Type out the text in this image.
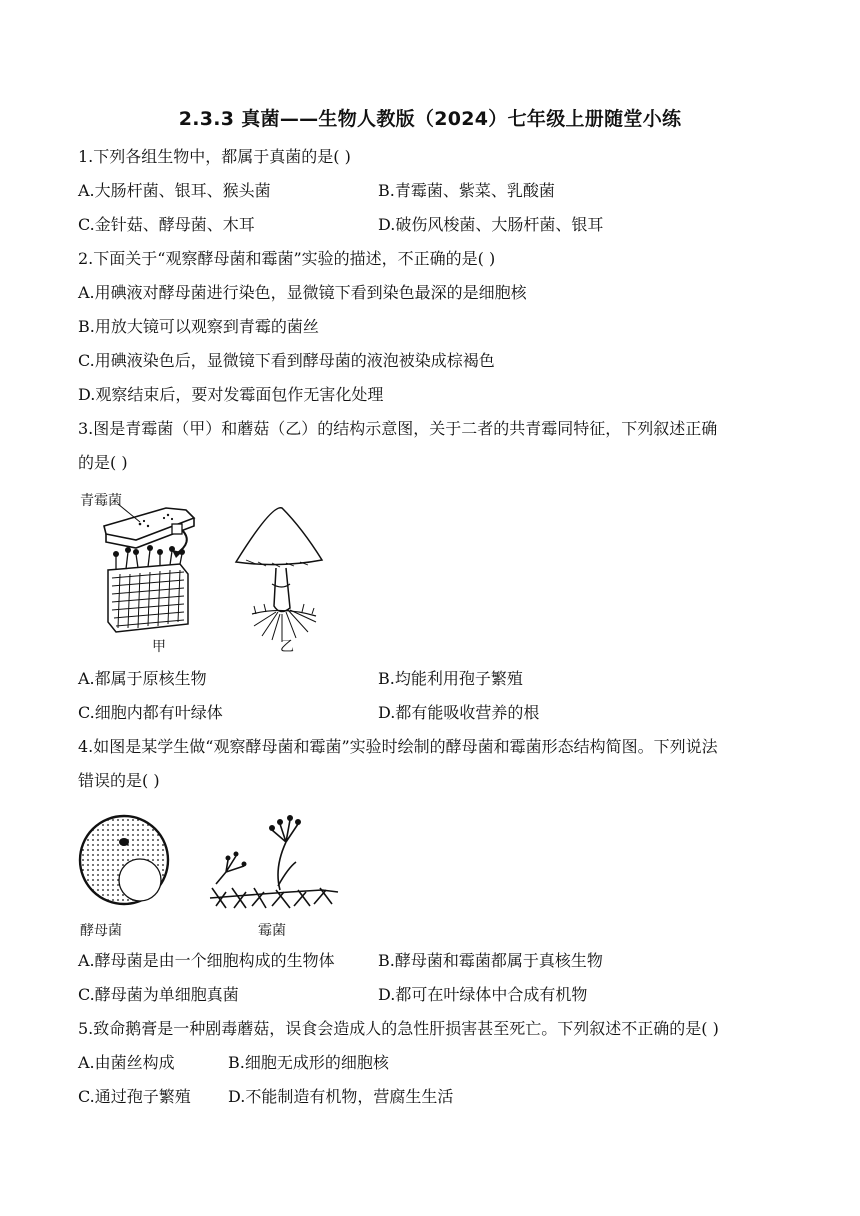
2.3.3 真菌——生物人教版（2024）七年级上册随堂小练
1.下列各组生物中，都属于真菌的是( )
A.大肠杆菌、银耳、猴头菌	B.青霉菌、紫菜、乳酸菌
C.金针菇、酵母菌、木耳	D.破伤风梭菌、大肠杆菌、银耳
2.下面关于“观察酵母菌和霉菌”实验的描述，不正确的是( )
A.用碘液对酵母菌进行染色，显微镜下看到染色最深的是细胞核
B.用放大镜可以观察到青霉的菌丝
C.用碘液染色后，显微镜下看到酵母菌的液泡被染成棕褐色
D.观察结束后，要对发霉面包作无害化处理
3.图是青霉菌（甲）和蘑菇（乙）的结构示意图，关于二者的共青霉同特征，下列叙述正确
的是( )
青霉菌
甲	乙
A.都属于原核生物	B.均能利用孢子繁殖
C.细胞内都有叶绿体	D.都有能吸收营养的根
4.如图是某学生做“观察酵母菌和霉菌”实验时绘制的酵母菌和霉菌形态结构简图。下列说法
错误的是( )
酵母菌	霉菌
A.酵母菌是由一个细胞构成的生物体	B.酵母菌和霉菌都属于真核生物
C.酵母菌为单细胞真菌	D.都可在叶绿体中合成有机物
5.致命鹅膏是一种剧毒蘑菇，误食会造成人的急性肝损害甚至死亡。下列叙述不正确的是( )
A.由菌丝构成	B.细胞无成形的细胞核
C.通过孢子繁殖 D.不能制造有机物，营腐生生活
